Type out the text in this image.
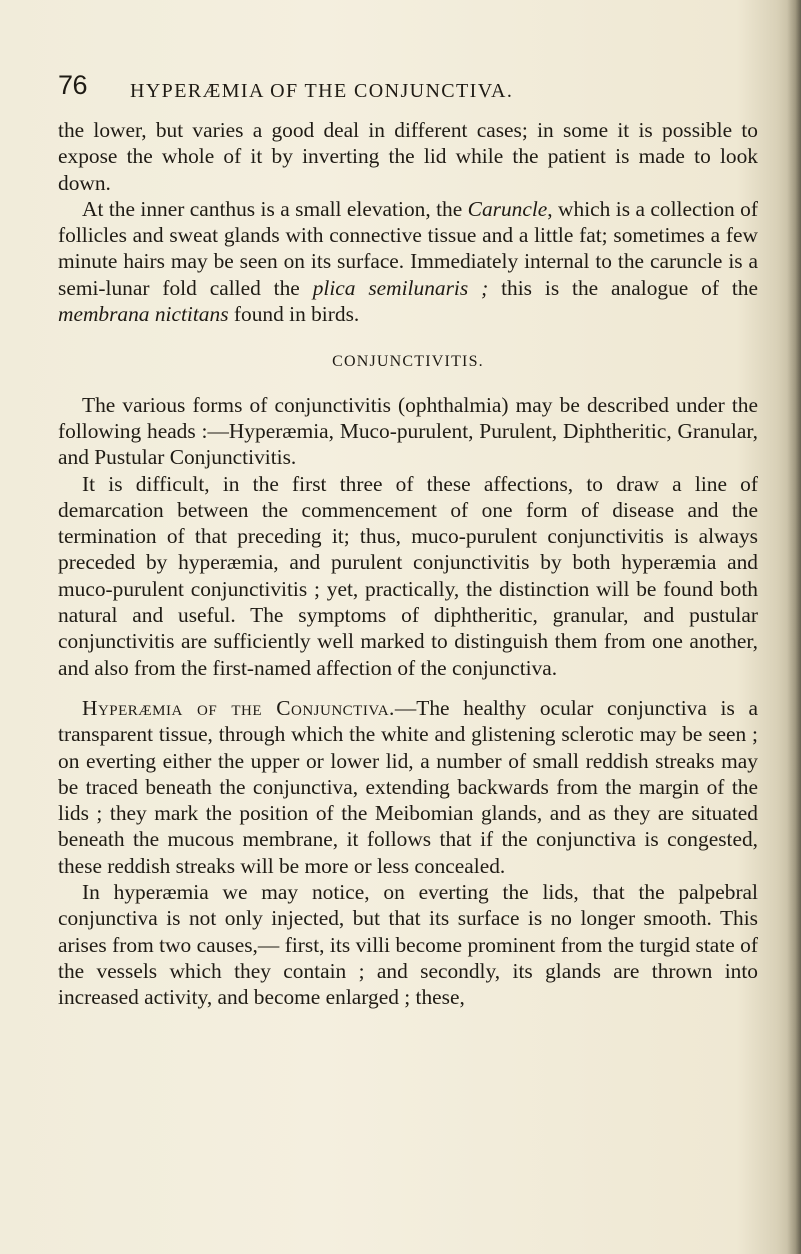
76 HYPERÆMIA OF THE CONJUNCTIVA.

the lower, but varies a good deal in different cases; in some it is possible to expose the whole of it by inverting the lid while the patient is made to look down.

At the inner canthus is a small elevation, the Caruncle, which is a collection of follicles and sweat glands with connective tissue and a little fat; sometimes a few minute hairs may be seen on its surface. Immediately internal to the caruncle is a semi-lunar fold called the plica semilunaris ; this is the analogue of the membrana nictitans found in birds.

CONJUNCTIVITIS.

The various forms of conjunctivitis (ophthalmia) may be described under the following heads :—Hyperæmia, Muco-purulent, Purulent, Diphtheritic, Granular, and Pustular Conjunctivitis.

It is difficult, in the first three of these affections, to draw a line of demarcation between the commencement of one form of disease and the termination of that preceding it; thus, muco-purulent conjunctivitis is always preceded by hyperæmia, and purulent conjunctivitis by both hyperæmia and muco-purulent conjunctivitis ; yet, practically, the distinction will be found both natural and useful. The symptoms of diphtheritic, granular, and pustular conjunctivitis are sufficiently well marked to distinguish them from one another, and also from the first-named affection of the conjunctiva.

Hyperæmia of the Conjunctiva.—The healthy ocular conjunctiva is a transparent tissue, through which the white and glistening sclerotic may be seen ; on everting either the upper or lower lid, a number of small reddish streaks may be traced beneath the conjunctiva, extending backwards from the margin of the lids ; they mark the position of the Meibomian glands, and as they are situated beneath the mucous membrane, it follows that if the conjunctiva is congested, these reddish streaks will be more or less concealed.

In hyperæmia we may notice, on everting the lids, that the palpebral conjunctiva is not only injected, but that its surface is no longer smooth. This arises from two causes,— first, its villi become prominent from the turgid state of the vessels which they contain ; and secondly, its glands are thrown into increased activity, and become enlarged ; these,
